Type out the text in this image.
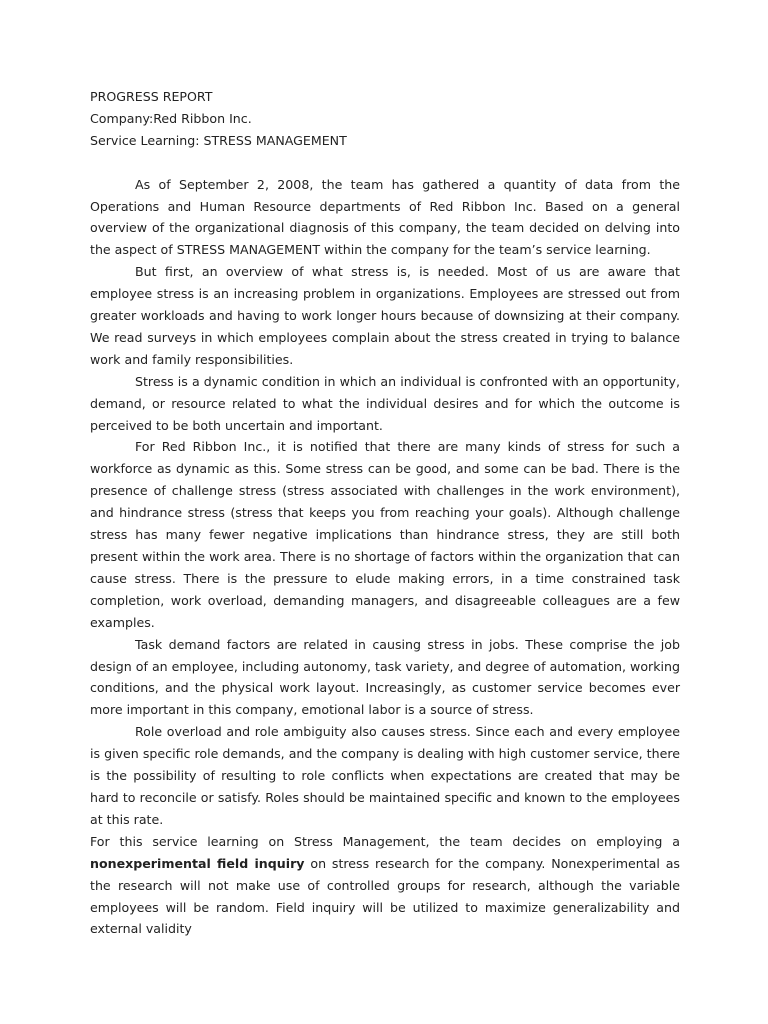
PROGRESS REPORT

Company:Red Ribbon Inc.

Service Learning: STRESS MANAGEMENT

As of September 2, 2008, the team has gathered a quantity of data from the Operations and Human Resource departments of Red Ribbon Inc. Based on a general overview of the organizational diagnosis of this company, the team decided on delving into the aspect of STRESS MANAGEMENT within the company for the team’s service learning.

But first, an overview of what stress is, is needed. Most of us are aware that employee stress is an increasing problem in organizations. Employees are stressed out from greater workloads and having to work longer hours because of downsizing at their company. We read surveys in which employees complain about the stress created in trying to balance work and family responsibilities.

Stress is a dynamic condition in which an individual is confronted with an opportunity, demand, or resource related to what the individual desires and for which the outcome is perceived to be both uncertain and important.

For Red Ribbon Inc., it is notified that there are many kinds of stress for such a workforce as dynamic as this. Some stress can be good, and some can be bad. There is the presence of challenge stress (stress associated with challenges in the work environment), and hindrance stress (stress that keeps you from reaching your goals). Although challenge stress has many fewer negative implications than hindrance stress, they are still both present within the work area. There is no shortage of factors within the organization that can cause stress. There is the pressure to elude making errors, in a time constrained task completion, work overload, demanding managers, and disagreeable colleagues are a few examples.

Task demand factors are related in causing stress in jobs. These comprise the job design of an employee, including autonomy, task variety, and degree of automation, working conditions, and the physical work layout. Increasingly, as customer service becomes ever more important in this company, emotional labor is a source of stress.

Role overload and role ambiguity also causes stress. Since each and every employee is given specific role demands, and the company is dealing with high customer service, there is the possibility of resulting to role conflicts when expectations are created that may be hard to reconcile or satisfy. Roles should be maintained specific and known to the employees at this rate.

For this service learning on Stress Management, the team decides on employing a nonexperimental field inquiry on stress research for the company. Nonexperimental as the research will not make use of controlled groups for research, although the variable employees will be random. Field inquiry will be utilized to maximize generalizability and external validity
